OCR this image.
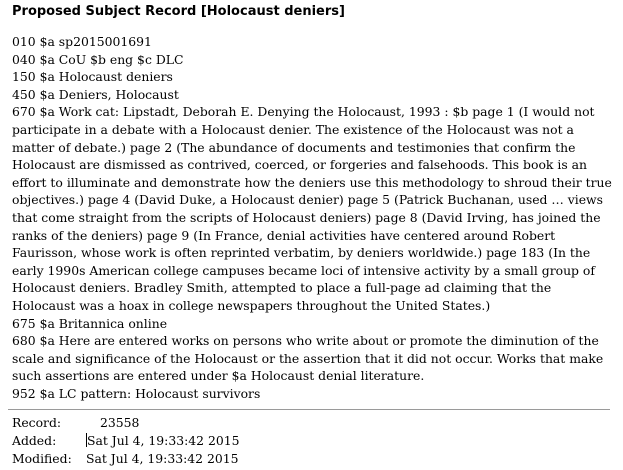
Proposed Subject Record [Holocaust deniers]

010 $a sp2015001691

040 $a CoU $b eng $c DLC

150 $a Holocaust deniers

450 $a Deniers, Holocaust

670 $a Work cat: Lipstadt, Deborah E. Denying the Holocaust, 1993 : $b page 1 (I would not participate in a debate with a Holocaust denier. The existence of the Holocaust was not a matter of debate.) page 2 (The abundance of documents and testimonies that confirm the Holocaust are dismissed as contrived, coerced, or forgeries and falsehoods. This book is an effort to illuminate and demonstrate how the deniers use this methodology to shroud their true objectives.) page 4 (David Duke, a Holocaust denier) page 5 (Patrick Buchanan, used … views that come straight from the scripts of Holocaust deniers) page 8 (David Irving, has joined the ranks of the deniers) page 9 (In France, denial activities have centered around Robert Faurisson, whose work is often reprinted verbatim, by deniers worldwide.) page 183 (In the early 1990s American college campuses became loci of intensive activity by a small group of Holocaust deniers. Bradley Smith, attempted to place a full-page ad claiming that the Holocaust was a hoax in college newspapers throughout the United States.)

675 $a Britannica online

680 $a Here are entered works on persons who write about or promote the diminution of the scale and significance of the Holocaust or the assertion that it did not occur. Works that make such assertions are entered under $a Holocaust denial literature.

952 $a LC pattern: Holocaust survivors

Record:	23558
Added:	Sat Jul 4, 19:33:42 2015
Modified:	Sat Jul 4, 19:33:42 2015
